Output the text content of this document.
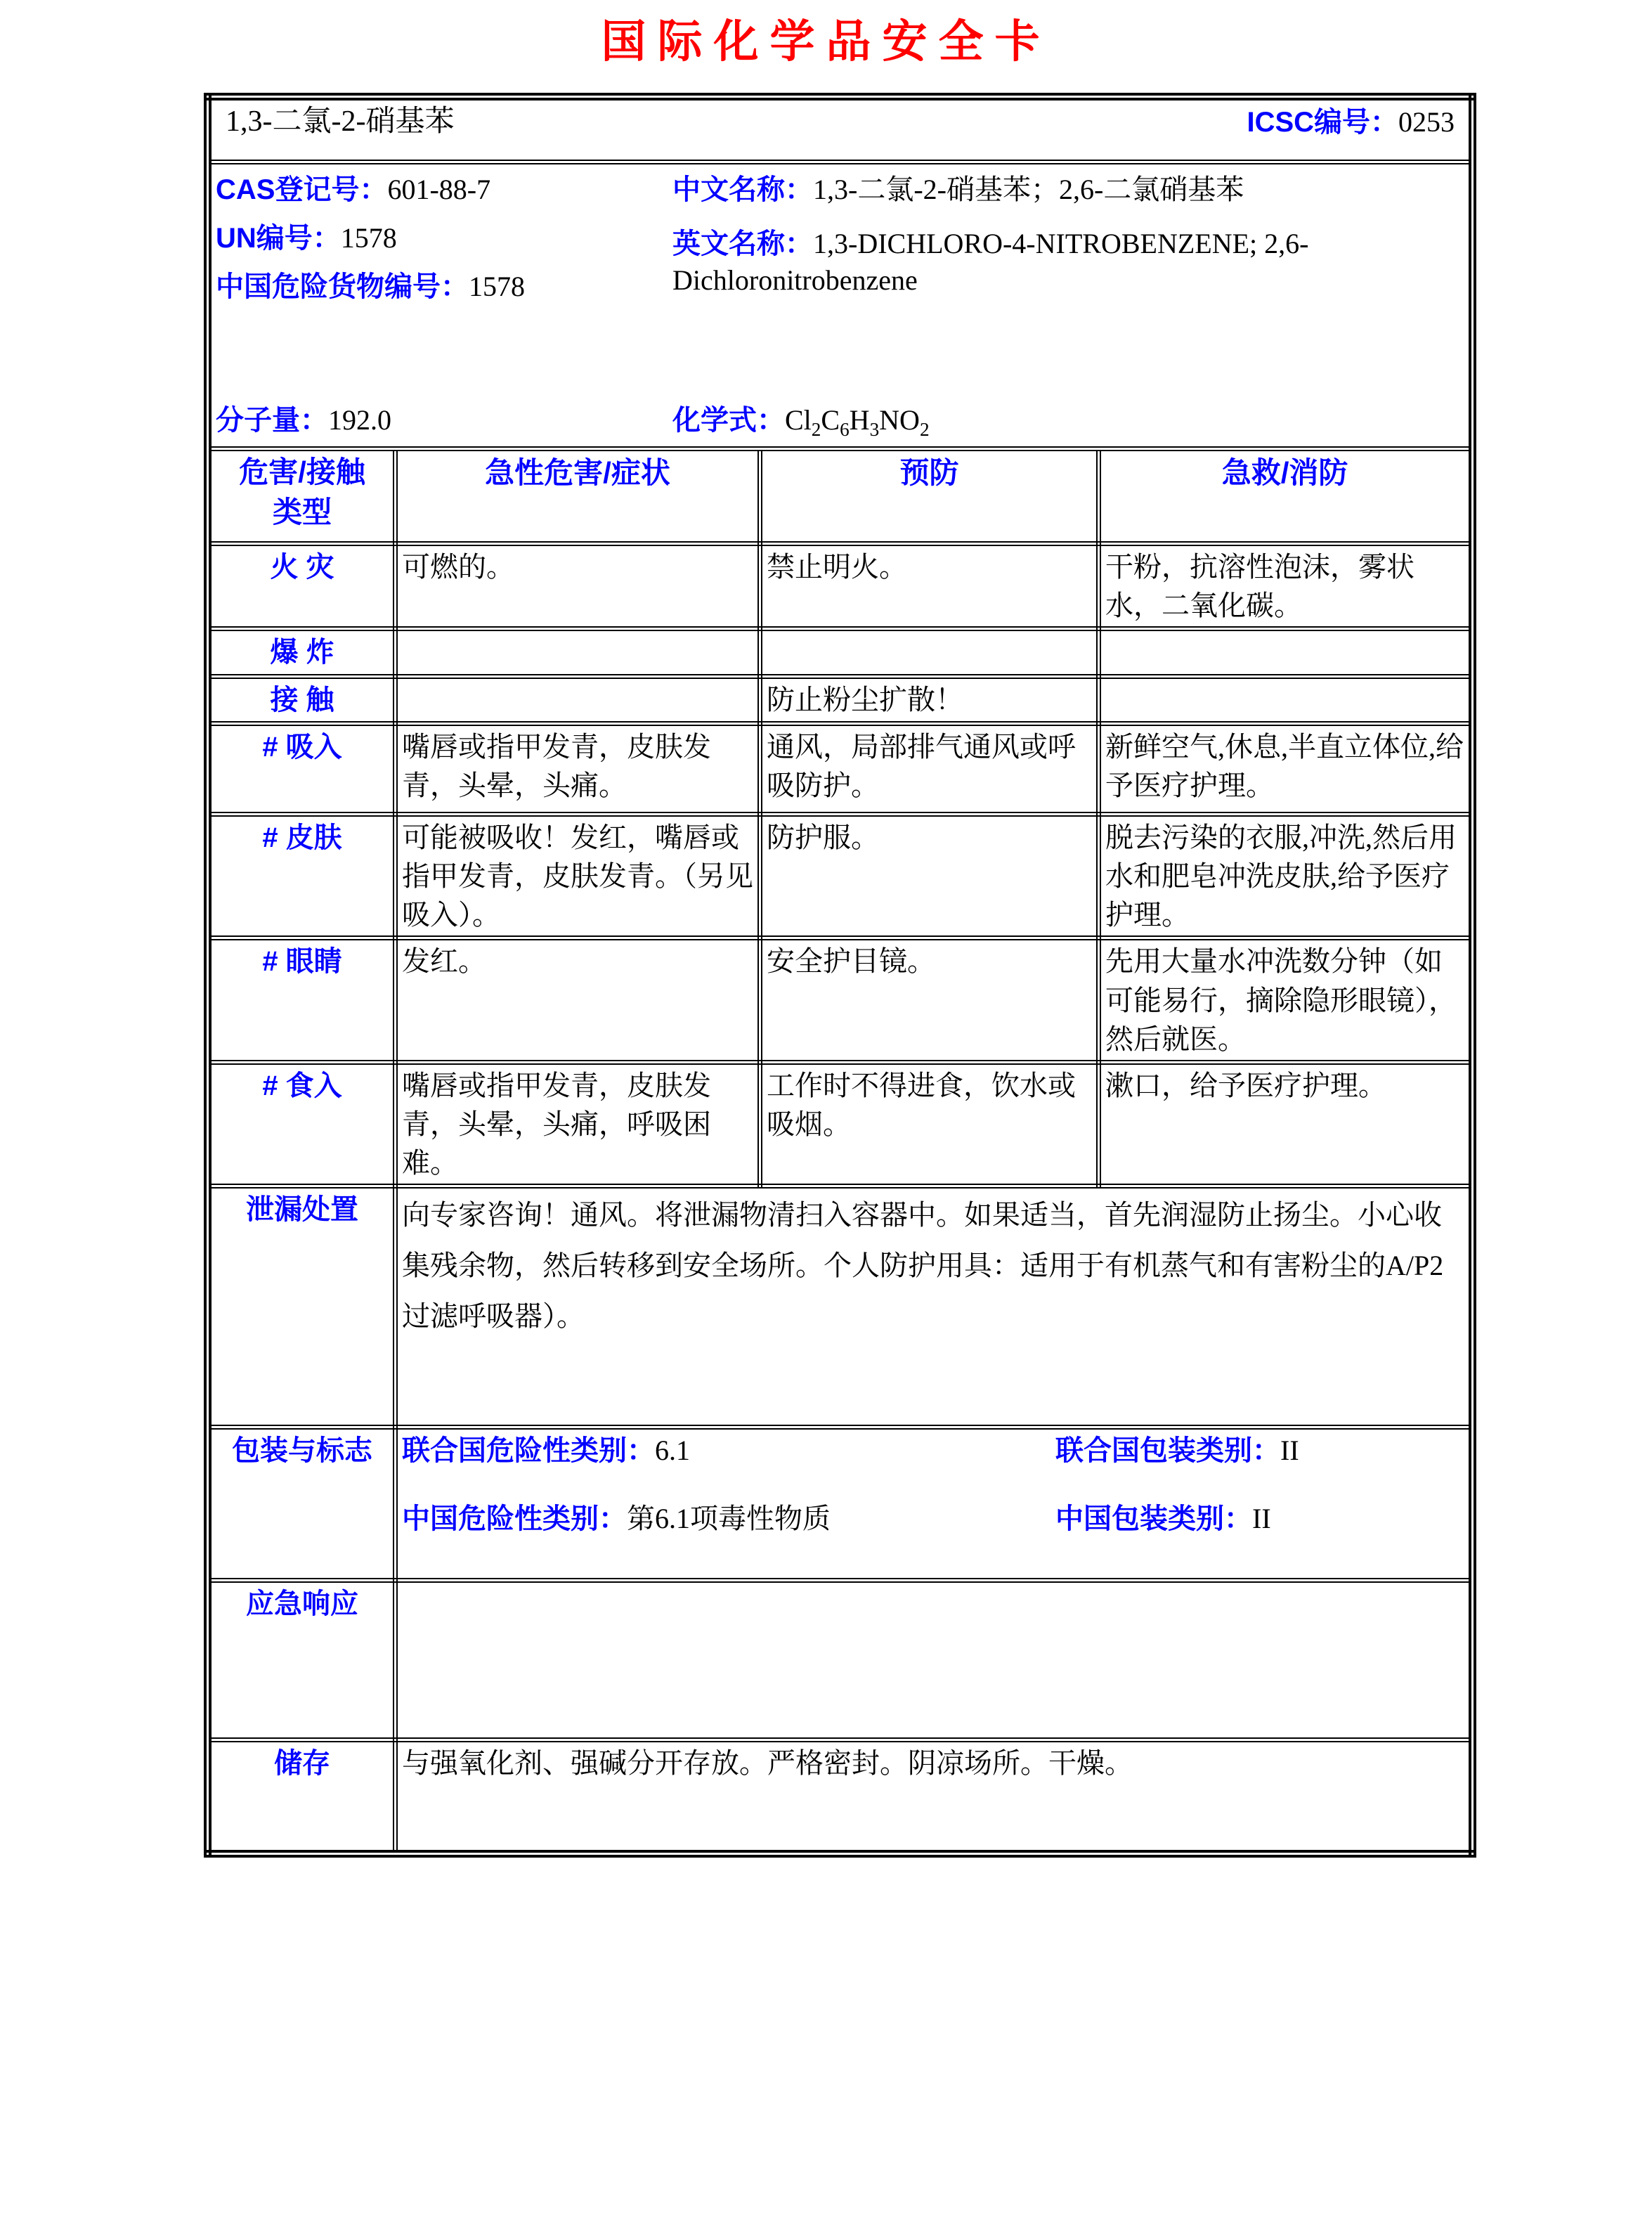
国际化学品安全卡
1,3-二氯-2-硝基苯 ICSC编号：0253			

CAS登记号：601-88-7
UN编号：1578
中国危险货物编号：1578
中文名称：1,3-二氯-2-硝基苯；2,6-二氯硝基苯
英文名称：1,3-DICHLORO-4-NITROBENZENE; 2,6-Dichloronitrobenzene
分子量：192.0	化学式：$Cl_2C_6H_3NO_2$

危害/接触类型	急性危害/症状	预防	急救/消防
火 灾	可燃的。	禁止明火。	干粉，抗溶性泡沫，雾状水，二氧化碳。
爆 炸			
接 触		防止粉尘扩散！	
# 吸入	嘴唇或指甲发青，皮肤发青，头晕，头痛。	通风，局部排气通风或呼吸防护。	新鲜空气,休息,半直立体位,给予医疗护理。
# 皮肤	可能被吸收！发红，嘴唇或指甲发青，皮肤发青。（另见吸入）。	防护服。	脱去污染的衣服,冲洗,然后用水和肥皂冲洗皮肤,给予医疗护理。
# 眼睛	发红。	安全护目镜。	先用大量水冲洗数分钟（如可能易行，摘除隐形眼镜），然后就医。
# 食入	嘴唇或指甲发青，皮肤发青，头晕，头痛，呼吸困难。	工作时不得进食，饮水或吸烟。	漱口，给予医疗护理。
泄漏处置	向专家咨询！通风。将泄漏物清扫入容器中。如果适当，首先润湿防止扬尘。小心收集残余物，然后转移到安全场所。个人防护用具：适用于有机蒸气和有害粉尘的A/P2过滤呼吸器）。		
包装与标志	联合国危险性类别：6.1 联合国包装类别：II
中国危险性类别：第6.1项毒性物质 中国包装类别：II		

应急响应			
储存	与强氧化剂、强碱分开存放。严格密封。阴凉场所。干燥。		
